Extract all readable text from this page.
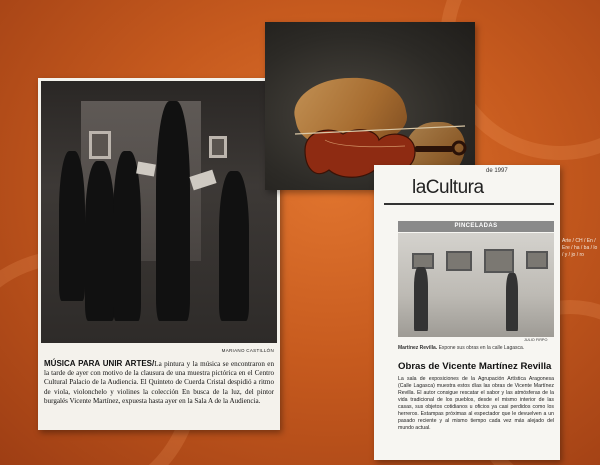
MARIANO CASTILLÓN
MÚSICA PARA UNIR ARTES/La pintura y la música se encontraron en la tarde de ayer con motivo de la clausura de una muestra pictórica en el Centro Cultural Palacio de la Audiencia. El Quinteto de Cuerda Cristal despidió a ritmo de viola, violonchelo y violines la colección En busca de la luz, del pintor burgalés Vicente Martínez, expuesta hasta ayer en la Sala A de la Audiencia.
de 1997
laCultura
PINCELADAS
JULIO FIRPO
Martínez Revilla. Expone sus obras en la calle Lagasca.
Obras de Vicente Martínez Revilla
La sala de exposiciones de la Agrupación Artística Aragonesa (Calle Lagasca) muestra estos días las obras de Vicente Martínez Revilla. El autor consigue rescatar el sabor y las atmósferas de la vida tradicional de los pueblos, desde el mismo interior de las casas, sus objetos cotidianos u oficios ya casi perdidos como los herreros. Estampas próximas al espectador que le devuelven a un pasado reciente y al mismo tiempo cada vez más alejado del mundo actual.
Arte / CH / En / Ere / ha / ba / lo / y / jo / ro
